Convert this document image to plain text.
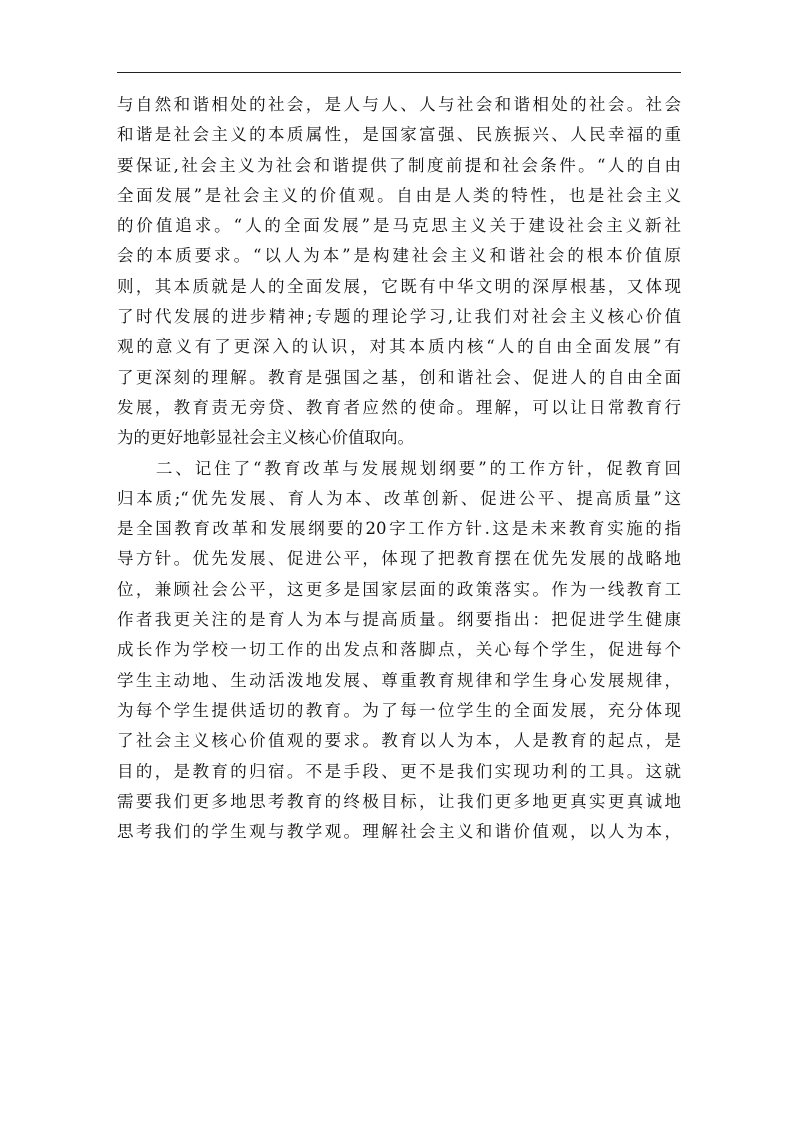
与自然和谐相处的社会，是人与人、人与社会和谐相处的社会。社会
和谐是社会主义的本质属性，是国家富强、民族振兴、人民幸福的重
要保证,社会主义为社会和谐提供了制度前提和社会条件。“人的自由
全面发展”是社会主义的价值观。自由是人类的特性，也是社会主义
的价值追求。“人的全面发展”是马克思主义关于建设社会主义新社
会的本质要求。“以人为本”是构建社会主义和谐社会的根本价值原
则，其本质就是人的全面发展，它既有中华文明的深厚根基，又体现
了时代发展的进步精神;专题的理论学习,让我们对社会主义核心价值
观的意义有了更深入的认识，对其本质内核“人的自由全面发展”有
了更深刻的理解。教育是强国之基，创和谐社会、促进人的自由全面
发展，教育责无旁贷、教育者应然的使命。理解，可以让日常教育行
为的更好地彰显社会主义核心价值取向。
　　二、记住了“教育改革与发展规划纲要”的工作方针，促教育回
归本质;“优先发展、育人为本、改革创新、促进公平、提高质量”这
是全国教育改革和发展纲要的20字工作方针.这是未来教育实施的指
导方针。优先发展、促进公平，体现了把教育摆在优先发展的战略地
位，兼顾社会公平，这更多是国家层面的政策落实。作为一线教育工
作者我更关注的是育人为本与提高质量。纲要指出：把促进学生健康
成长作为学校一切工作的出发点和落脚点，关心每个学生，促进每个
学生主动地、生动活泼地发展、尊重教育规律和学生身心发展规律，
为每个学生提供适切的教育。为了每一位学生的全面发展，充分体现
了社会主义核心价值观的要求。教育以人为本，人是教育的起点，是
目的，是教育的归宿。不是手段、更不是我们实现功利的工具。这就
需要我们更多地思考教育的终极目标，让我们更多地更真实更真诚地
思考我们的学生观与教学观。理解社会主义和谐价值观，以人为本，
